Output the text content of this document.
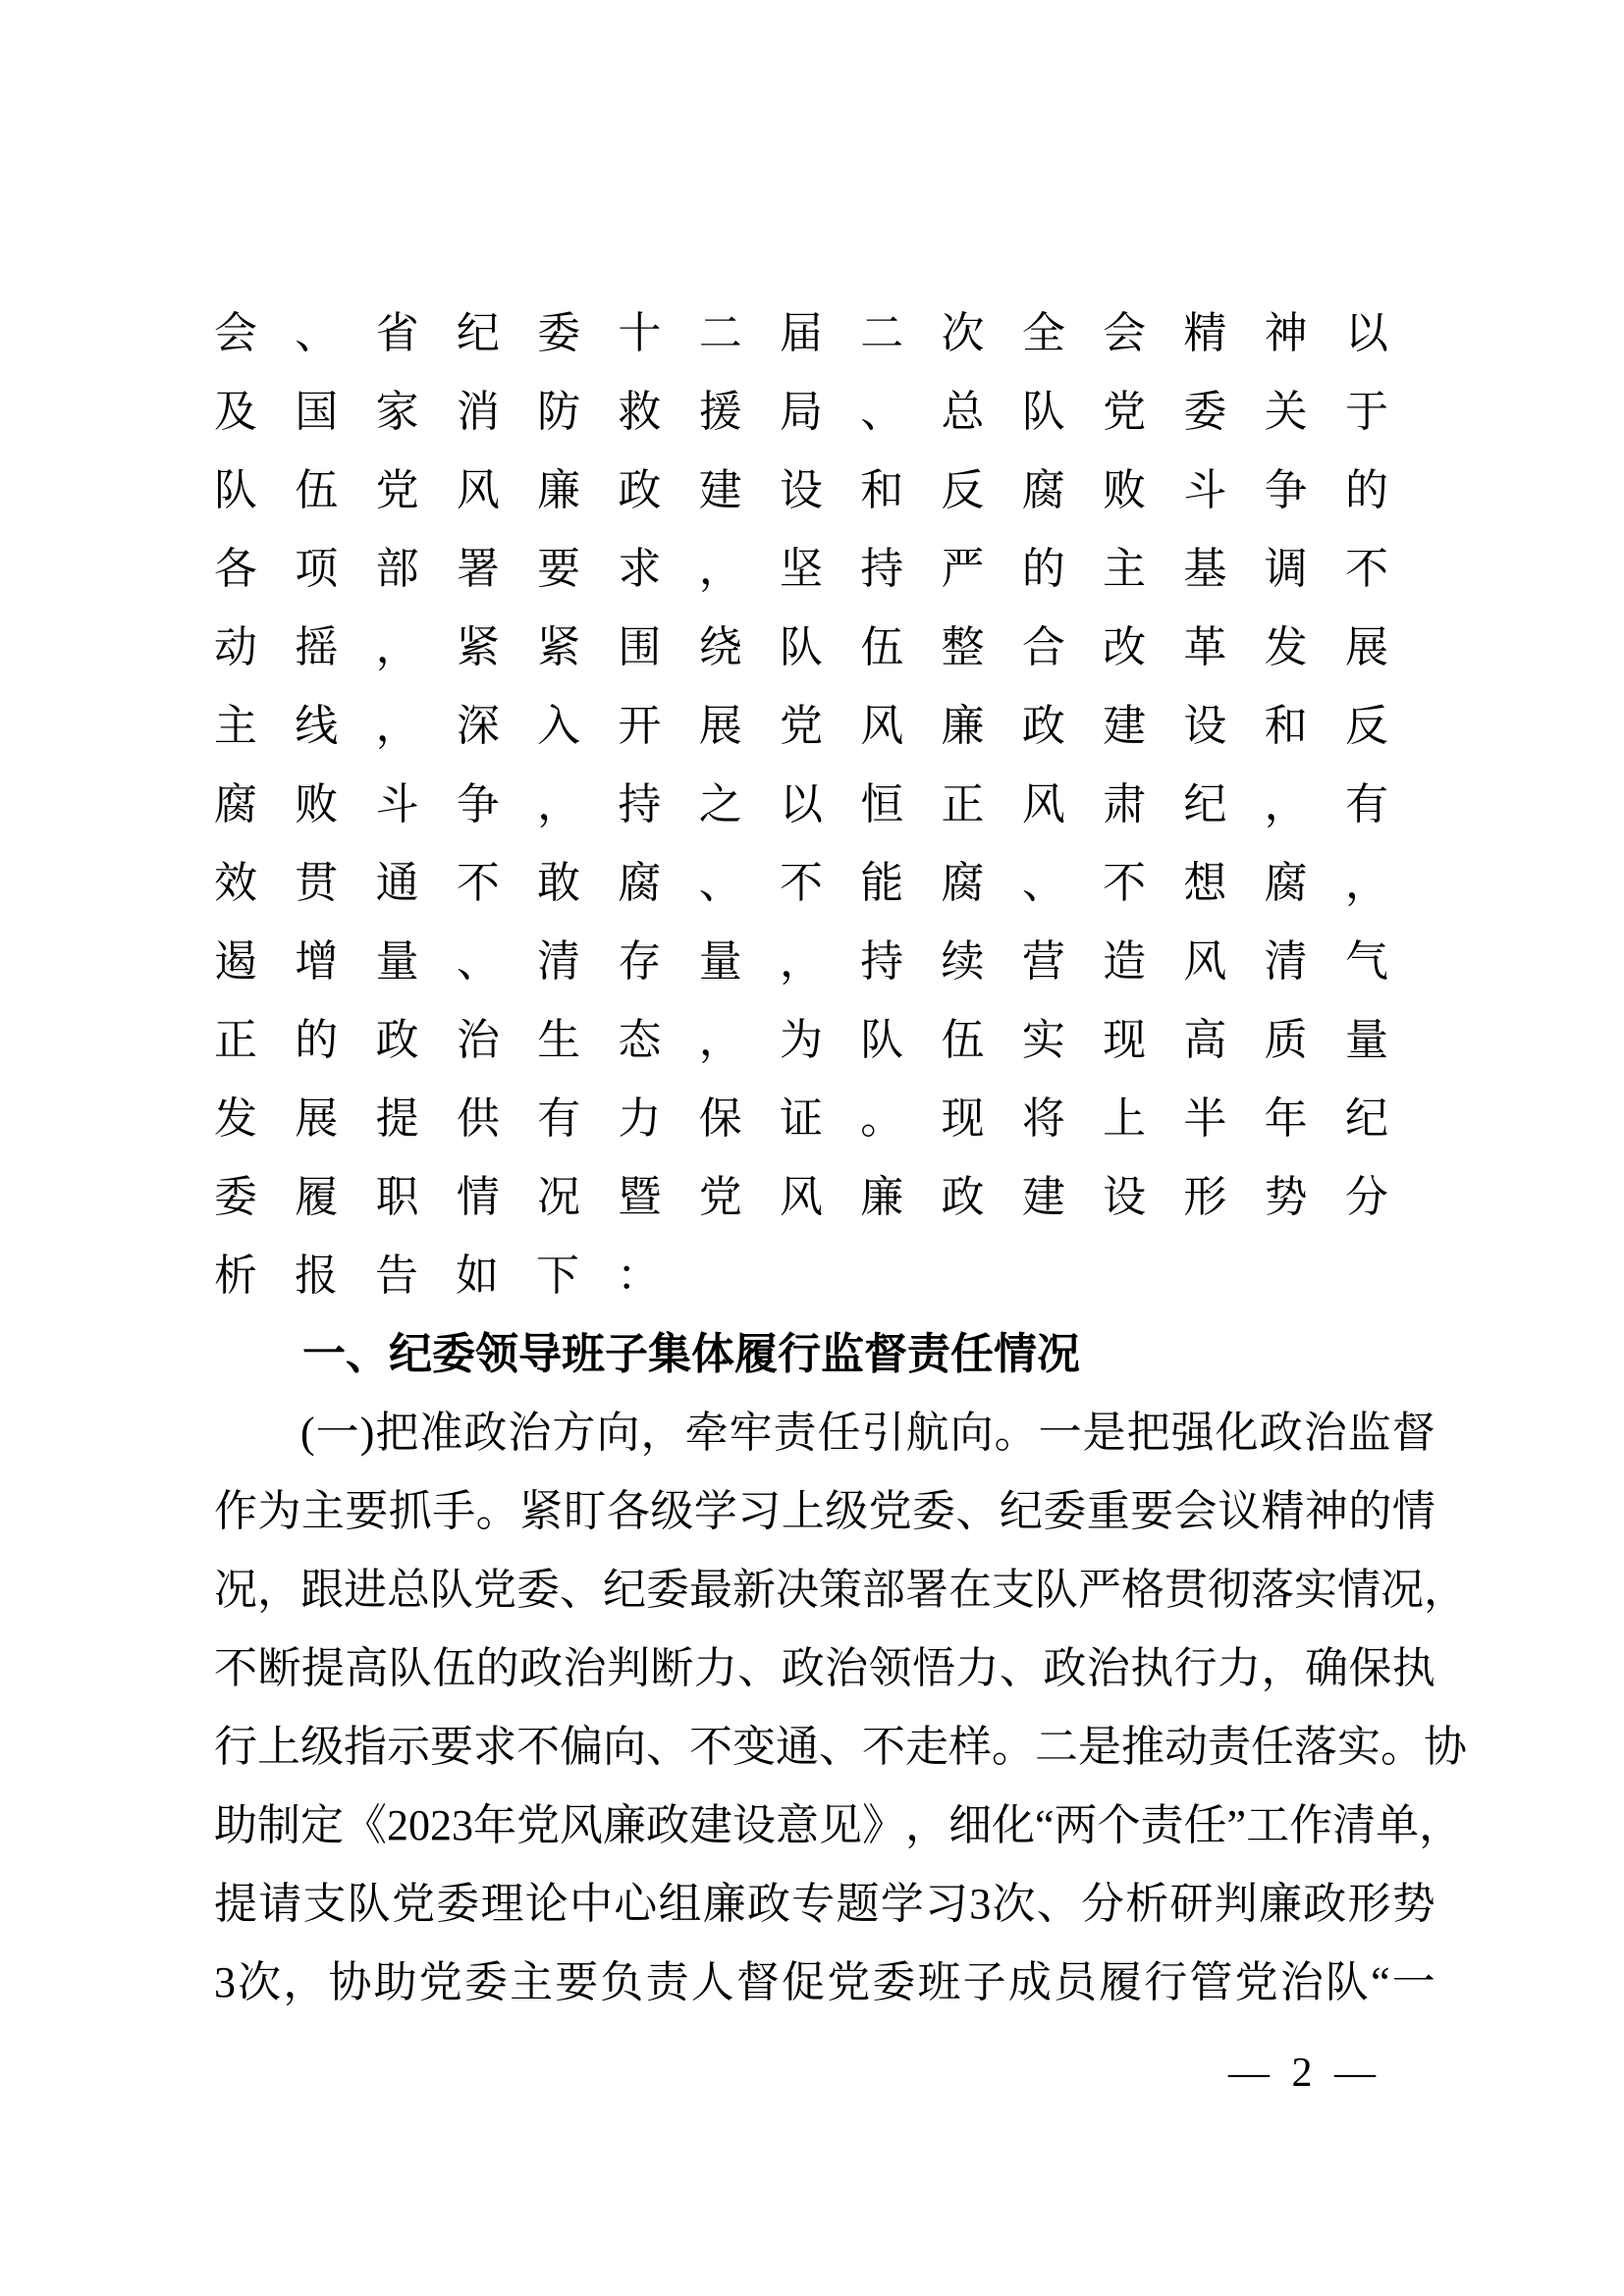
会 、 省 纪 委 十 二 届 二 次 全 会 精 神 以
及 国 家 消 防 救 援 局 、 总 队 党 委 关 于
队 伍 党 风 廉 政 建 设 和 反 腐 败 斗 争 的
各 项 部 署 要 求 ， 坚 持 严 的 主 基 调 不
动 摇 ， 紧 紧 围 绕 队 伍 整 合 改 革 发 展
主 线 ， 深 入 开 展 党 风 廉 政 建 设 和 反
腐 败 斗 争 ， 持 之 以 恒 正 风 肃 纪 ， 有
效 贯 通 不 敢 腐 、 不 能 腐 、 不 想 腐 ，
遏 增 量 、 清 存 量 ， 持 续 营 造 风 清 气
正 的 政 治 生 态 ， 为 队 伍 实 现 高 质 量
发 展 提 供 有 力 保 证 。 现 将 上 半 年 纪
委 履 职 情 况 暨 党 风 廉 政 建 设 形 势 分
析报告如下：
一、纪委领导班子集体履行监督责任情况
( 一 ) 把 准 政 治 方 向 ， 牵 牢 责 任 引 航 向 。 一 是 把 强 化 政 治 监 督
作 为 主 要 抓 手 。 紧 盯 各 级 学 习 上 级 党 委 、 纪 委 重 要 会 议 精 神 的 情
况 ， 跟 进 总 队 党 委 、 纪 委 最 新 决 策 部 署 在 支 队 严 格 贯 彻 落 实 情 况 ，
不 断 提 高 队 伍 的 政 治 判 断 力 、 政 治 领 悟 力 、 政 治 执 行 力 ， 确 保 执
行 上 级 指 示 要 求 不 偏 向 、 不 变 通 、 不 走 样 。 二 是 推 动 责 任 落 实 。 协
助 制 定 《 2023 年 党 风 廉 政 建 设 意 见 》 ， 细 化 “ 两 个 责 任 ” 工 作 清 单 ，
提 请 支 队 党 委 理 论 中 心 组 廉 政 专 题 学 习 3 次 、 分 析 研 判 廉 政 形 势
3 次 ， 协 助 党 委 主 要 负 责 人 督 促 党 委 班 子 成 员 履 行 管 党 治 队 “ 一
— 2 —
